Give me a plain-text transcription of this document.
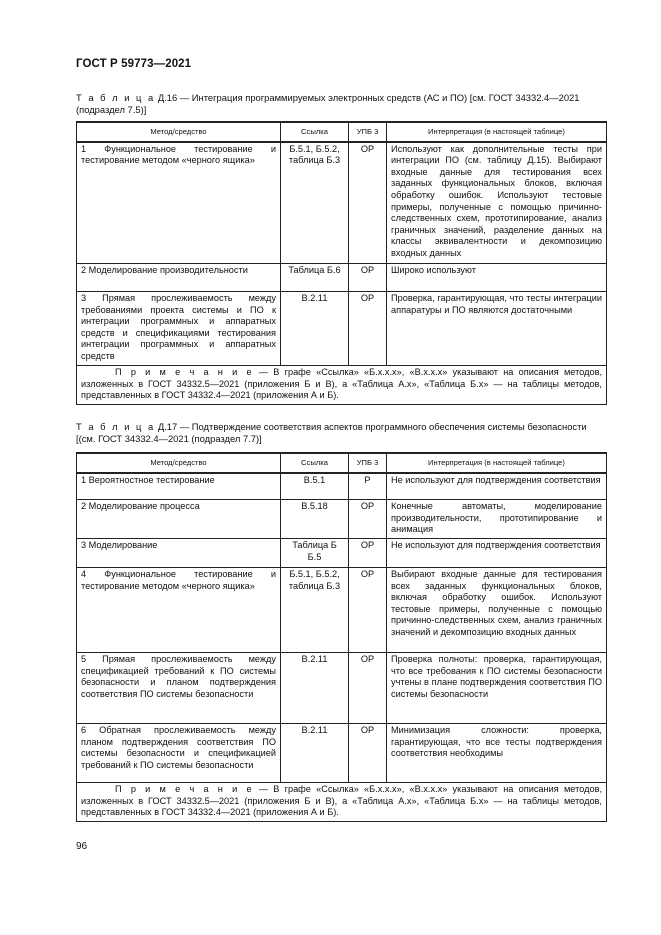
ГОСТ Р 59773—2021
Т а б л и ц а Д.16 — Интеграция программируемых электронных средств (АС и ПО) [см. ГОСТ 34332.4—2021 (подраздел 7.5)]
Метод/средство	Ссылка	УПБ 3	Интерпретация (в настоящей таблице)
1 Функциональное тестирование и тестирование методом «черного ящика»	Б.5.1, Б.5.2, таблица Б.3	ОР	Используют как дополнительные тесты при интеграции ПО (см. таблицу Д.15). Выбирают входные данные для тестирования всех заданных функциональных блоков, включая обработку ошибок. Используют тестовые примеры, полученные с помощью причинно-следственных схем, прототипирование, анализ граничных значений, разделение данных на классы эквивалентности и декомпозицию входных данных
2 Моделирование производительности	Таблица Б.6	ОР	Широко используют
3 Прямая прослеживаемость между требованиями проекта системы и ПО к интеграции программных и аппаратных средств и спецификациями тестирования интеграции программных и аппаратных средств	В.2.11	ОР	Проверка, гарантирующая, что тесты интеграции аппаратуры и ПО являются достаточными
П р и м е ч а н и е — В графе «Ссылка» «Б.х.х.х», «В.х.х.х» указывают на описания методов, изложенных в ГОСТ 34332.5—2021 (приложения Б и В), а «Таблица А.х», «Таблица Б.х» — на таблицы методов, представленных в ГОСТ 34332.4—2021 (приложения А и Б).			
Т а б л и ц а Д.17 — Подтверждение соответствия аспектов программного обеспечения системы безопасности [(см. ГОСТ 34332.4—2021 (подраздел 7.7)]
Метод/средство	Ссылка	УПБ 3	Интерпретация (в настоящей таблице)
1 Вероятностное тестирование	В.5.1	Р	Не используют для подтверждения соответствия
2 Моделирование процесса	В.5.18	ОР	Конечные автоматы, моделирование производительности, прототипирование и анимация
3 Моделирование	Таблица Б Б.5	ОР	Не используют для подтверждения соответствия
4 Функциональное тестирование и тестирование методом «черного ящика»	Б.5.1, Б.5.2, таблица Б.3	ОР	Выбирают входные данные для тестирования всех заданных функциональных блоков, включая обработку ошибок. Используют тестовые примеры, полученные с помощью причинно-следственных схем, анализ граничных значений и декомпозицию входных данных
5 Прямая прослеживаемость между спецификацией требований к ПО системы безопасности и планом подтверждения соответствия ПО системы безопасности	В.2.11	ОР	Проверка полноты: проверка, гарантирующая, что все требования к ПО системы безопасности учтены в плане подтверждения соответствия ПО системы безопасности
6 Обратная прослеживаемость между планом подтверждения соответствия ПО системы безопасности и спецификацией требований к ПО системы безопасности	В.2.11	ОР	Минимизация сложности: проверка, гарантирующая, что все тесты подтверждения соответствия необходимы
П р и м е ч а н и е — В графе «Ссылка» «Б.х.х.х», «В.х.х.х» указывают на описания методов, изложенных в ГОСТ 34332.5—2021 (приложения Б и В), а «Таблица А.х», «Таблица Б.х» — на таблицы методов, представленных в ГОСТ 34332.4—2021 (приложения А и Б).			
96
